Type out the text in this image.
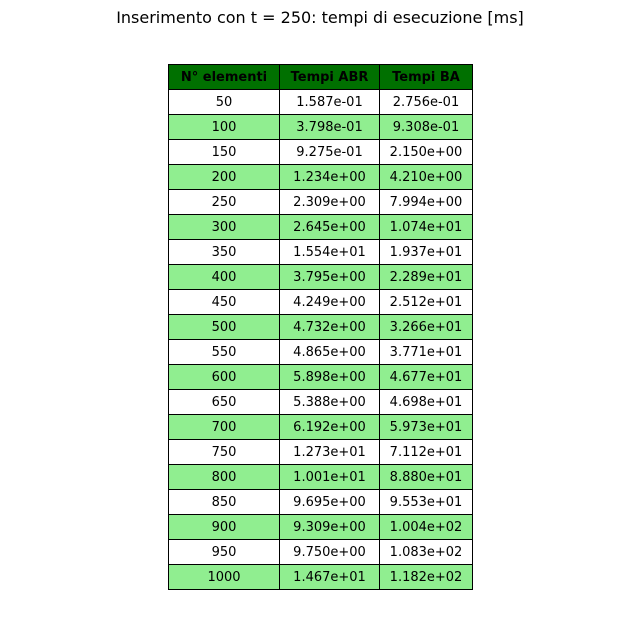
Inserimento con t = 250: tempi di esecuzione [ms]
N° elementi	Tempi ABR	Tempi BA
50	1.587e-01	2.756e-01
100	3.798e-01	9.308e-01
150	9.275e-01	2.150e+00
200	1.234e+00	4.210e+00
250	2.309e+00	7.994e+00
300	2.645e+00	1.074e+01
350	1.554e+01	1.937e+01
400	3.795e+00	2.289e+01
450	4.249e+00	2.512e+01
500	4.732e+00	3.266e+01
550	4.865e+00	3.771e+01
600	5.898e+00	4.677e+01
650	5.388e+00	4.698e+01
700	6.192e+00	5.973e+01
750	1.273e+01	7.112e+01
800	1.001e+01	8.880e+01
850	9.695e+00	9.553e+01
900	9.309e+00	1.004e+02
950	9.750e+00	1.083e+02
1000	1.467e+01	1.182e+02
